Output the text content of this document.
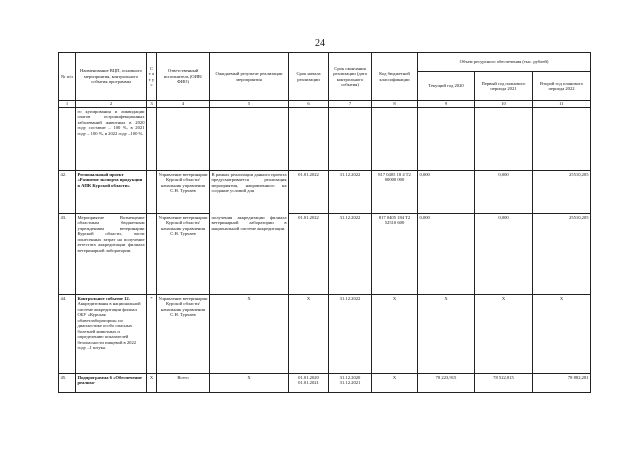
24
№ п/п	Наименование ВЦП, основного мероприятия, контрольного события программы	С т а т у с	Ответственный исполнитель (ОИВ/ФИО)	Ожидаемый результат реализации мероприятия	Срок начала реализации	Срок окончания реализации (дата контрольного события)	Код бюджетной классификации	Объем ресурсного обеспечения (тыс. рублей)		
								Текущий год 2020	Первый год планового периода 2021	Второй год планового периода 2022
1	2	3	4	5	6	7	8	9	10	11
	го купирования и ликвидации очагов остроинфекционных заболеваний животных в 2020 году составит – 100 %, в 2021 году – 100 %, в 2022 году –100 %.									
42.	Региональный проект «Развитие экспорта продукции в АПК Курской области»		Управление ветеринарии Курской области/ начальник управления С.Н. Турчаев	В рамках реализации данного проекта предусматривается реализация мероприятия, направленного на создание условий для	01.01.2022	31.12.2022	817 0405 18 4 T2 00000 000	0,000	0,000	25510,205
43.	Мероприятие Возмещение областным бюджетным учреждениям ветеринарии Курской области, части понесенных затрат на получение аттестата аккредитации филиала ветеринарной лаборатории.		Управление ветеринарии Курской области/ начальник управления С.Н. Турчаев	получения аккредитации филиала ветеринарной лаборатории в национальной системе аккредитации.	01.01.2022	31.12.2022	817 0405 184 T2 52510 600	0,000	0,000	25510,205
44.	Контрольное событие 12. Аккредитованы в национальной системе аккредитации филиал ОБУ «Курская облветлаборатория» по диагностике особо опасных болезней животных и определению показателей безопасности пищевой в 2022 году –1 штука.	*	Управление ветеринарии Курской области/ начальник управления С.Н. Турчаев	Х	Х	31.12.2022	Х	Х	Х	Х
45.	Подпрограмма 6 «Обеспечение реализа-	Х	Всего	Х	01.01.2020 01.01.2021	31.12.2020 31.12.2021	Х	78 223,915	78 522,815	78 882,281
